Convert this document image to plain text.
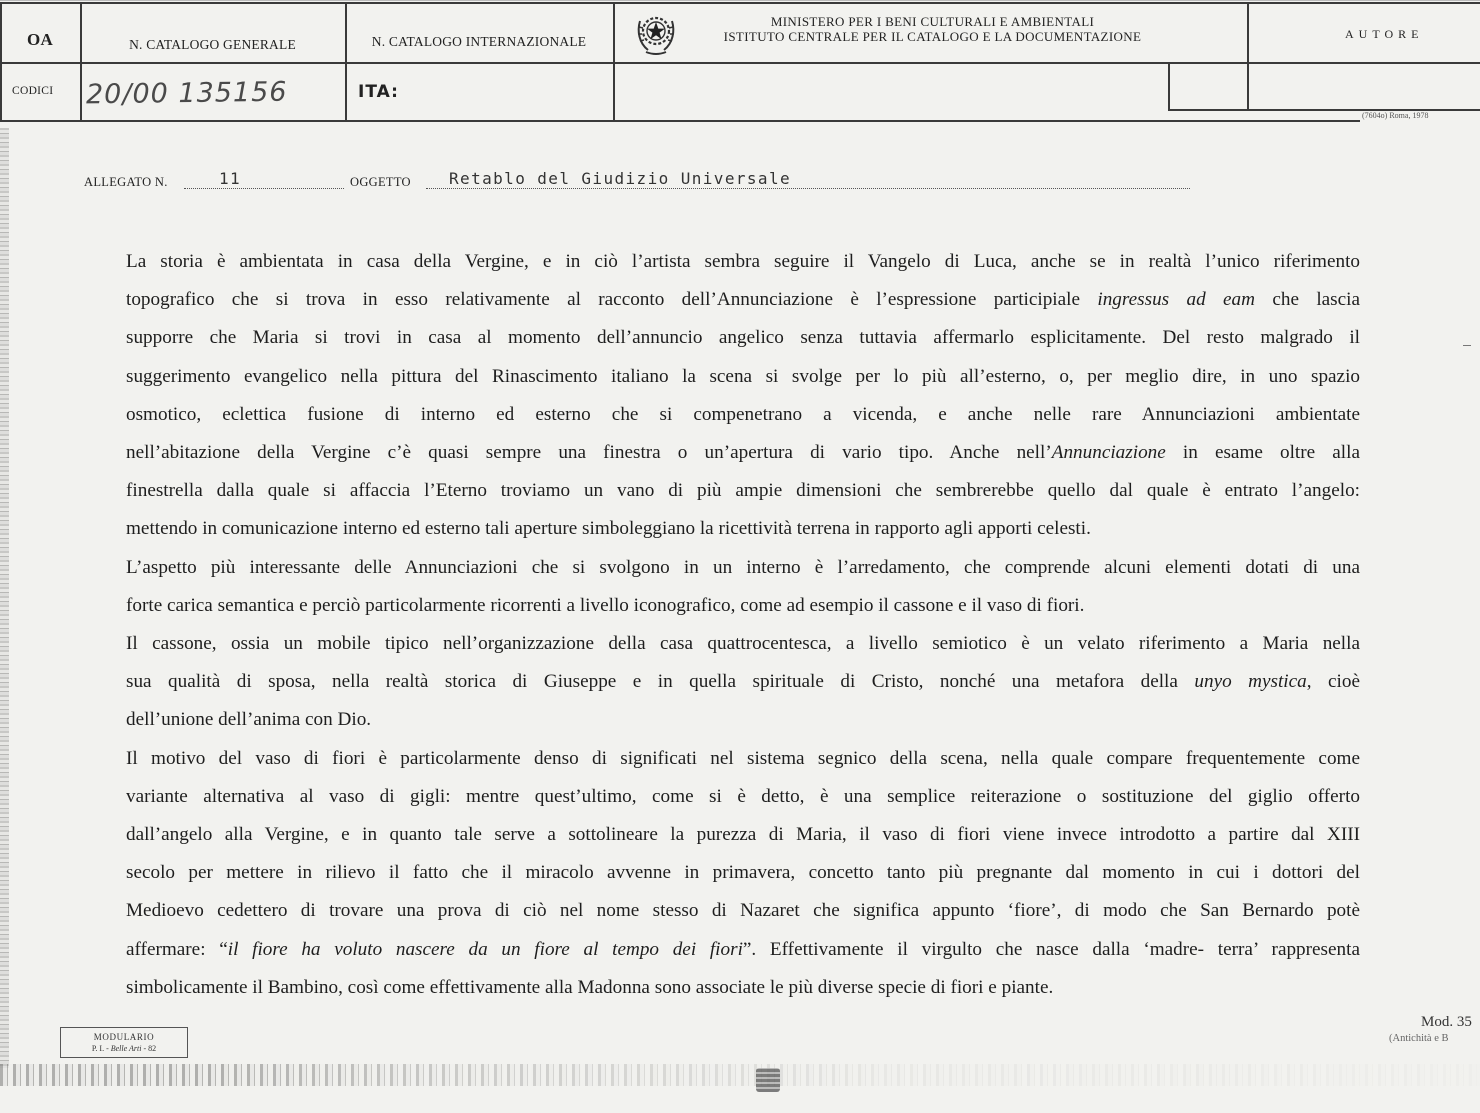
OA	N. CATALOGO GENERALE	N. CATALOGO INTERNAZIONALE
MINISTERO PER I BENI CULTURALI E AMBIENTALI
ISTITUTO CENTRALE PER IL CATALOGO E LA DOCUMENTAZIONE	AUTORE
CODICI 20/00 135156	ITA:
(7604o) Roma, 1978
ALLEGATO N.	11	OGGETTO	Retablo del Giudizio Universale
La storia è ambientata in casa della Vergine, e in ciò l’artista sembra seguire il Vangelo di Luca, anche se in realtà l’unico riferimento
topografico che si trova in esso relativamente al racconto dell’Annunciazione è l’espressione participiale ingressus ad eam che lascia
supporre che Maria si trovi in casa al momento dell’annuncio angelico senza tuttavia affermarlo esplicitamente. Del resto malgrado il
suggerimento evangelico nella pittura del Rinascimento italiano la scena si svolge per lo più all’esterno, o, per meglio dire, in uno spazio
osmotico, eclettica fusione di interno ed esterno che si compenetrano a vicenda, e anche nelle rare Annunciazioni ambientate
nell’abitazione della Vergine c’è quasi sempre una finestra o un’apertura di vario tipo. Anche nell’Annunciazione in esame oltre alla
finestrella dalla quale si affaccia l’Eterno troviamo un vano di più ampie dimensioni che sembrerebbe quello dal quale è entrato l’angelo:
mettendo in comunicazione interno ed esterno tali aperture simboleggiano la ricettività terrena in rapporto agli apporti celesti.
L’aspetto più interessante delle Annunciazioni che si svolgono in un interno è l’arredamento, che comprende alcuni elementi dotati di una
forte carica semantica e perciò particolarmente ricorrenti a livello iconografico, come ad esempio il cassone e il vaso di fiori.
Il cassone, ossia un mobile tipico nell’organizzazione della casa quattrocentesca, a livello semiotico è un velato riferimento a Maria nella
sua qualità di sposa, nella realtà storica di Giuseppe e in quella spirituale di Cristo, nonché una metafora della unyo mystica, cioè
dell’unione dell’anima con Dio.
Il motivo del vaso di fiori è particolarmente denso di significati nel sistema segnico della scena, nella quale compare frequentemente come
variante alternativa al vaso di gigli: mentre quest’ultimo, come si è detto, è una semplice reiterazione o sostituzione del giglio offerto
dall’angelo alla Vergine, e in quanto tale serve a sottolineare la purezza di Maria, il vaso di fiori viene invece introdotto a partire dal XIII
secolo per mettere in rilievo il fatto che il miracolo avvenne in primavera, concetto tanto più pregnante dal momento in cui i dottori del
Medioevo cedettero di trovare una prova di ciò nel nome stesso di Nazaret che significa appunto ‘fiore’, di modo che San Bernardo potè
affermare: “il fiore ha voluto nascere da un fiore al tempo dei fiori”. Effettivamente il virgulto che nasce dalla ‘madre- terra’ rappresenta
simbolicamente il Bambino, così come effettivamente alla Madonna sono associate le più diverse specie di fiori e piante.
MODULARIO
P. I. - Belle Arti - 82
Mod. 35
(Antichità e B
